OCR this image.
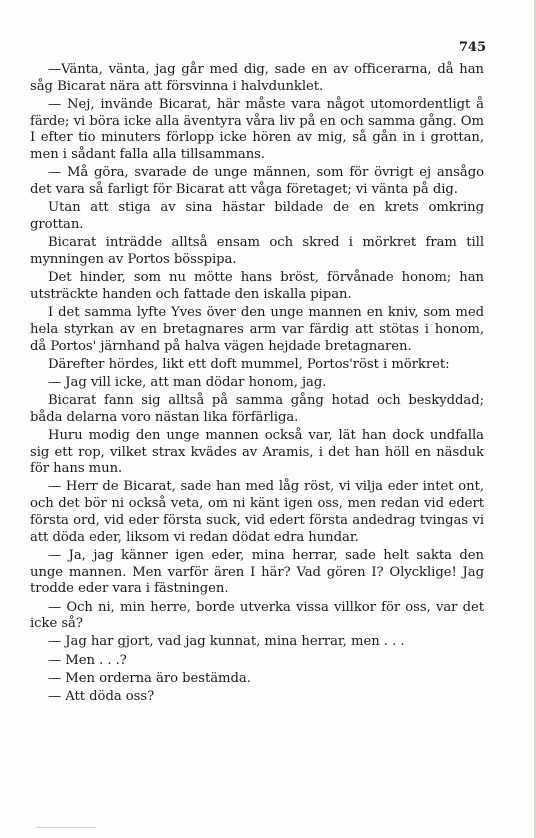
745

—Vänta, vänta, jag går med dig, sade en av officerarna, då han såg Bicarat nära att försvinna i halvdunklet.

— Nej, invände Bicarat, här måste vara något utomordentligt å färde; vi böra icke alla äventyra våra liv på en och samma gång. Om I efter tio minuters förlopp icke hören av mig, så gån in i grottan, men i sådant falla alla tillsammans.

— Må göra, svarade de unge männen, som för övrigt ej ansågo det vara så farligt för Bicarat att våga företaget; vi vänta på dig.

Utan att stiga av sina hästar bildade de en krets omkring grottan.

Bicarat inträdde alltså ensam och skred i mörkret fram till mynningen av Portos bösspipa.

Det hinder, som nu mötte hans bröst, förvånade honom; han utsträckte handen och fattade den iskalla pipan.

I det samma lyfte Yves över den unge mannen en kniv, som med hela styrkan av en bretagnares arm var färdig att stötas i honom, då Portos' järnhand på halva vägen hejdade bretagnaren.

Därefter hördes, likt ett doft mummel, Portos'röst i mörkret:

— Jag vill icke, att man dödar honom, jag.

Bicarat fann sig alltså på samma gång hotad och beskyddad; båda delarna voro nästan lika förfärliga.

Huru modig den unge mannen också var, lät han dock undfalla sig ett rop, vilket strax kvädes av Aramis, i det han höll en näsduk för hans mun.

— Herr de Bicarat, sade han med låg röst, vi vilja eder intet ont, och det bör ni också veta, om ni känt igen oss, men redan vid edert första ord, vid eder första suck, vid edert första andedrag tvingas vi att döda eder, liksom vi redan dödat edra hundar.

— Ja, jag känner igen eder, mina herrar, sade helt sakta den unge mannen. Men varför ären I här? Vad gören I? Olycklige! Jag trodde eder vara i fästningen.

— Och ni, min herre, borde utverka vissa villkor för oss, var det icke så?

— Jag har gjort, vad jag kunnat, mina herrar, men . . .

— Men . . .?

— Men orderna äro bestämda.

— Att döda oss?
